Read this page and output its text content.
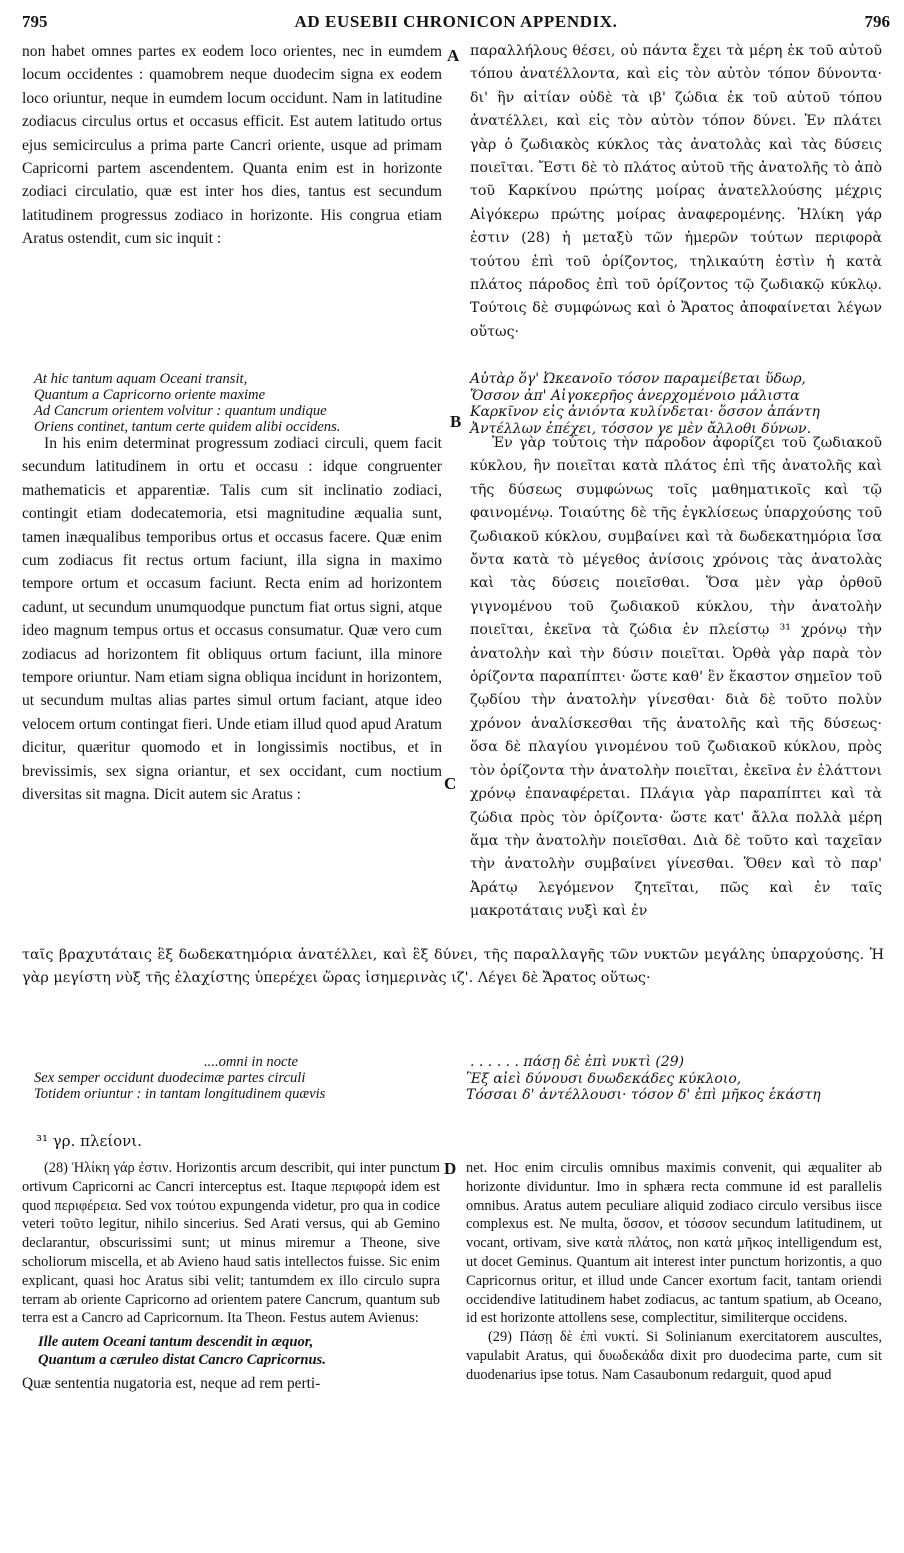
795	AD EUSEBII CHRONICON APPENDIX.	796

non habet omnes partes ex eodem loco orientes, nec in eumdem locum occidentes : quamobrem neque duodecim signa ex eodem loco oriuntur, neque in eumdem locum occidunt. Nam in latitudine zodiacus circulus ortus et occasus efficit. Est autem latitudo ortus ejus semicirculus a prima parte Cancri oriente, usque ad primam Capricorni partem ascendentem. Quanta enim est in horizonte zodiaci circulatio, quæ est inter hos dies, tantus est secundum latitudinem progressus zodiaco in horizonte. His congrua etiam Aratus ostendit, cum sic inquit :

At hic tantum aquam Oceani transit,
Quantum a Capricorno oriente maxime
Ad Cancrum orientem volvitur : quantum undique
Oriens continet, tantum certe quidem alibi occidens.

In his enim determinat progressum zodiaci circuli, quem facit secundum latitudinem in ortu et occasu : idque congruenter mathematicis et apparentiæ. Talis cum sit inclinatio zodiaci, contingit etiam dodecatemoria, etsi magnitudine æqualia sunt, tamen inæqualibus temporibus ortus et occasus facere. Quæ enim cum zodiacus fit rectus ortum faciunt, illa signa in maximo tempore ortum et occasum faciunt. Recta enim ad horizontem cadunt, ut secundum unumquodque punctum fiat ortus signi, atque ideo magnum tempus ortus et occasus consumatur. Quæ vero cum zodiacus ad horizontem fit obliquus ortum faciunt, illa minore tempore oriuntur. Nam etiam signa obliqua incidunt in horizontem, ut secundum multas alias partes simul ortum faciant, atque ideo velocem ortum contingat fieri. Unde etiam illud quod apud Aratum dicitur, quæritur quomodo et in longissimis noctibus, et in brevissimis, sex signa oriantur, et sex occidant, cum noctium diversitas sit magna. Dicit autem sic Aratus :

παραλλήλους θέσει, οὐ πάντα ἔχει τὰ μέρη ἐκ τοῦ αὐτοῦ τόπου ἀνατέλλοντα, καὶ εἰς τὸν αὐτὸν τόπον δύνοντα· δι' ἣν αἰτίαν οὐδὲ τὰ ιβ' ζώδια ἐκ τοῦ αὐτοῦ τόπου ἀνατέλλει, καὶ εἰς τὸν αὐτὸν τόπον δύνει. Ἐν πλάτει γὰρ ὁ ζωδιακὸς κύκλος τὰς ἀνατολὰς καὶ τὰς δύσεις ποιεῖται. Ἔστι δὲ τὸ πλάτος αὐτοῦ τῆς ἀνατολῆς τὸ ἀπὸ τοῦ Καρκίνου πρώτης μοίρας ἀνατελλούσης μέχρις Αἰγόκερω πρώτης μοίρας ἀναφερομένης. Ἡλίκη γάρ ἐστιν (28) ἡ μεταξὺ τῶν ἡμερῶν τούτων περιφορὰ τούτου ἐπὶ τοῦ ὁρίζοντος, τηλικαύτη ἐστὶν ἡ κατὰ πλάτος πάροδος ἐπὶ τοῦ ὁρίζοντος τῷ ζωδιακῷ κύκλῳ. Τούτοις δὲ συμφώνως καὶ ὁ Ἄρατος ἀποφαίνεται λέγων οὕτως·

Αὐτὰρ ὅγ' Ὠκεανοῖο τόσον παραμείβεται ὕδωρ,
Ὅσσον ἀπ' Αἰγοκερῆος ἀνερχομένοιο μάλιστα
Καρκῖνον εἰς ἀνιόντα κυλίνδεται· ὅσσον ἁπάντη
Ἀντέλλων ἐπέχει, τόσσον γε μὲν ἄλλοθι δύνων.

Ἐν γὰρ τούτοις τὴν πάροδον ἀφορίζει τοῦ ζωδιακοῦ κύκλου, ἣν ποιεῖται κατὰ πλάτος ἐπὶ τῆς ἀνατολῆς καὶ τῆς δύσεως συμφώνως τοῖς μαθηματικοῖς καὶ τῷ φαινομένῳ. Τοιαύτης δὲ τῆς ἐγκλίσεως ὑπαρχούσης τοῦ ζωδιακοῦ κύκλου, συμβαίνει καὶ τὰ δωδεκατημόρια ἴσα ὄντα κατὰ τὸ μέγεθος ἀνίσοις χρόνοις τὰς ἀνατολὰς καὶ τὰς δύσεις ποιεῖσθαι. Ὅσα μὲν γὰρ ὀρθοῦ γιγνομένου τοῦ ζωδιακοῦ κύκλου, τὴν ἀνατολὴν ποιεῖται, ἐκεῖνα τὰ ζώδια ἐν πλείστῳ ³¹ χρόνῳ τὴν ἀνατολὴν καὶ τὴν δύσιν ποιεῖται. Ὀρθὰ γὰρ παρὰ τὸν ὁρίζοντα παραπίπτει· ὥστε καθ' ἓν ἕκαστον σημεῖον τοῦ ζῳδίου τὴν ἀνατολὴν γίνεσθαι· διὰ δὲ τοῦτο πολὺν χρόνον ἀναλίσκεσθαι τῆς ἀνατολῆς καὶ τῆς δύσεως· ὅσα δὲ πλαγίου γινομένου τοῦ ζωδιακοῦ κύκλου, πρὸς τὸν ὁρίζοντα τὴν ἀνατολὴν ποιεῖται, ἐκεῖνα ἐν ἐλάττονι χρόνῳ ἐπαναφέρεται. Πλάγια γὰρ παραπίπτει καὶ τὰ ζώδια πρὸς τὸν ὁρίζοντα· ὥστε κατ' ἄλλα πολλὰ μέρη ἅμα τὴν ἀνατολὴν ποιεῖσθαι. Διὰ δὲ τοῦτο καὶ ταχεῖαν τὴν ἀνατολὴν συμβαίνει γίνεσθαι. Ὅθεν καὶ τὸ παρ' Ἀράτῳ λεγόμενον ζητεῖται, πῶς καὶ ἐν ταῖς μακροτάταις νυξὶ καὶ ἐν

A
B
C
D

ταῖς βραχυτάταις ἓξ δωδεκατημόρια ἀνατέλλει, καὶ ἓξ δύνει, τῆς παραλλαγῆς τῶν νυκτῶν μεγάλης ὑπαρχούσης. Ἡ γὰρ μεγίστη νὺξ τῆς ἐλαχίστης ὑπερέχει ὥρας ἰσημερινὰς ιζ'. Λέγει δὲ Ἄρατος οὕτως·

....omni in nocte
Sex semper occidunt duodecimæ partes circuli
Totidem oriuntur : in tantam longitudinem quævis
. . . . . . πάσῃ δὲ ἐπὶ νυκτὶ (29)
Ἓξ αἰεὶ δύνουσι δυωδεκάδες κύκλοιο,
Τόσσαι δ' ἀντέλλουσι· τόσον δ' ἐπὶ μῆκος ἑκάστη
³¹ γρ. πλείονι.

(28) Ἡλίκη γάρ ἐστιν. Horizontis arcum describit, qui inter punctum ortivum Capricorni ac Cancri interceptus est. Itaque περιφορά idem est quod περιφέρεια. Sed vox τούτου expungenda videtur, pro qua in codice veteri τοῦτο legitur, nihilo sincerius. Sed Arati versus, qui ab Gemino declarantur, obscurissimi sunt; ut minus miremur a Theone, sive scholiorum miscella, et ab Avieno haud satis intellectos fuisse. Sic enim explicant, quasi hoc Aratus sibi velit; tantumdem ex illo circulo supra terram ab oriente Capricorno ad orientem patere Cancrum, quantum sub terra est a Cancro ad Capricornum. Ita Theon. Festus autem Avienus:

Ille autem Oceani tantum descendit in æquor,
Quantum a cæruleo distat Cancro Capricornus.

Quæ sententia nugatoria est, neque ad rem perti-

net. Hoc enim circulis omnibus maximis convenit, qui æqualiter ab horizonte dividuntur. Imo in sphæra recta commune id est parallelis omnibus. Aratus autem peculiare aliquid zodiaco circulo versibus iisce complexus est. Ne multa, ὅσσον, et τόσσον secundum latitudinem, ut vocant, ortivam, sive κατὰ πλάτος, non κατὰ μῆκος intelligendum est, ut docet Geminus. Quantum ait interest inter punctum horizontis, a quo Capricornus oritur, et illud unde Cancer exortum facit, tantam oriendi occidendive latitudinem habet zodiacus, ac tantum spatium, ab Oceano, id est horizonte attollens sese, complectitur, similiterque occidens.

(29) Πάσῃ δὲ ἐπὶ νυκτί. Si Solinianum exercitatorem auscultes, vapulabit Aratus, qui δυωδεκάδα dixit pro duodecima parte, cum sit duodenarius ipse totus. Nam Casaubonum redarguit, quod apud
